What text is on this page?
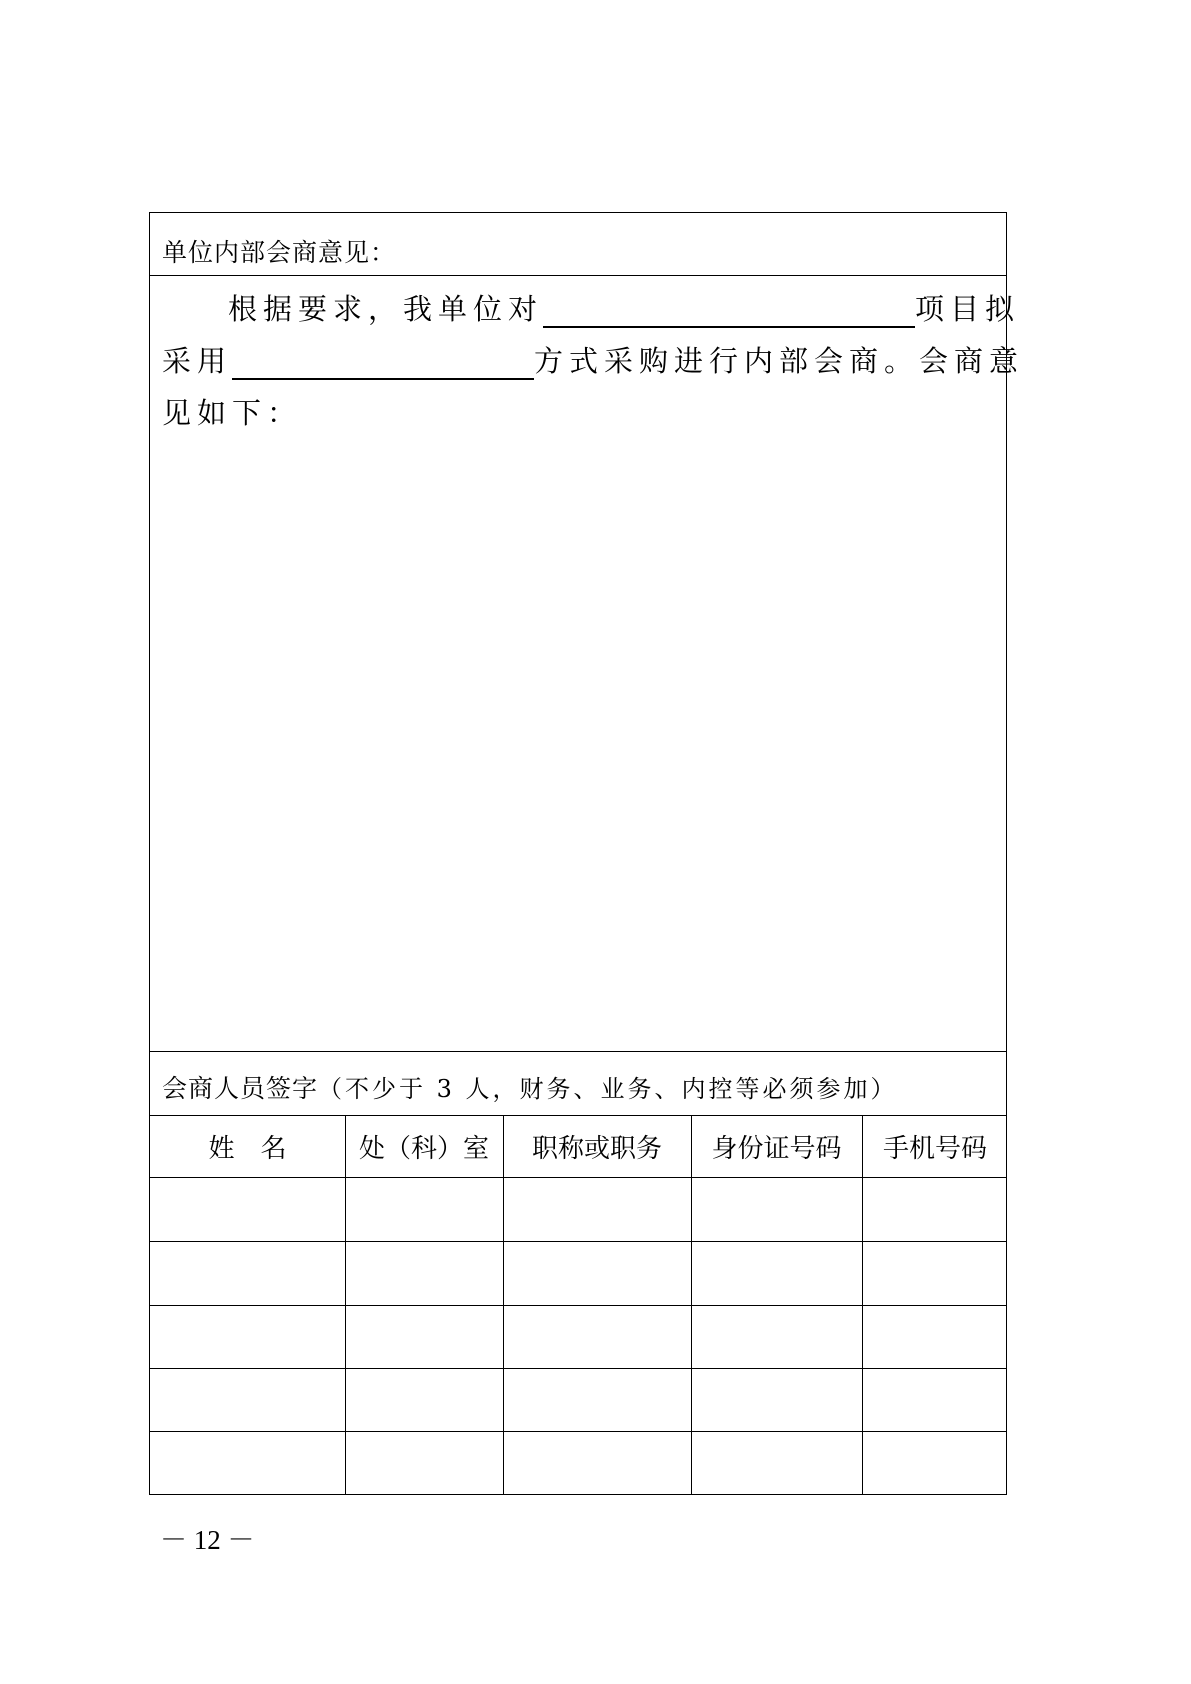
单位内部会商意见：
根据要求，我单位对	项目拟
采用	方式采购进行内部会商。会商意
见如下：
会商人员签字（不少于 3 人，财务、业务、内控等必须参加）
姓　名	处（科）室	职称或职务	身份证号码	手机号码
－ 12 －
